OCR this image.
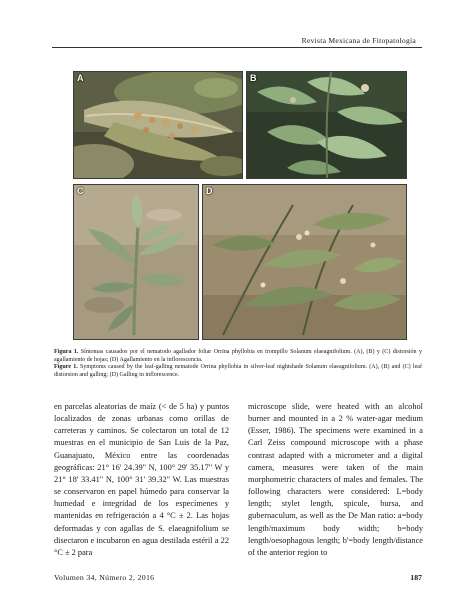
Revista Mexicana de Fitopatología
A	B
C	D
Figura 1. Síntomas causados por el nematodo agallador foliar Orrina phyllobia en trompillo Solanum elaeagnifolium. (A), (B) y (C) distorsión y agallamiento de hojas; (D) Agallamiento en la inflorescencia.
Figure 1. Symptoms caused by the leaf-galling nematode Orrina phyllobia in silver-leaf nightshade Solanum elaeagnifolium. (A), (B) and (C) leaf distorsion and galling; (D) Galling in inflorescence.
en parcelas aleatorias de maíz (< de 5 ha) y puntos localizados de zonas urbanas como orillas de carreteras y caminos. Se colectaron un total de 12 muestras en el municipio de San Luis de la Paz, Guanajuato, México entre las coordenadas geográficas: 21° 16' 24.39" N, 100° 29' 35.17" W y 21° 18' 33.41" N, 100° 31' 39.32" W. Las muestras se conservaron en papel húmedo para conservar la humedad e integridad de los especímenes y mantenidas en refrigeración a 4 °C ± 2. Las hojas deformadas y con agallas de S. elaeagnifolium se disectaron e incubaron en agua destilada estéril a 22 °C ± 2 para
microscope slide, were heated with an alcohol burner and mounted in a 2 % water-agar medium (Esser, 1986). The specimens were examined in a Carl Zeiss compound microscope with a phase contrast adapted with a micrometer and a digital camera, measures were taken of the main morphometric characters of males and females. The following characters were considered: L=body length; stylet length, spicule, bursa, and gubernaculum, as well as the De Man ratio: a=body length/maximum body width; b=body length/oesophagous length; b'=body length/distance of the anterior region to
Volumen 34, Número 2, 2016	187
